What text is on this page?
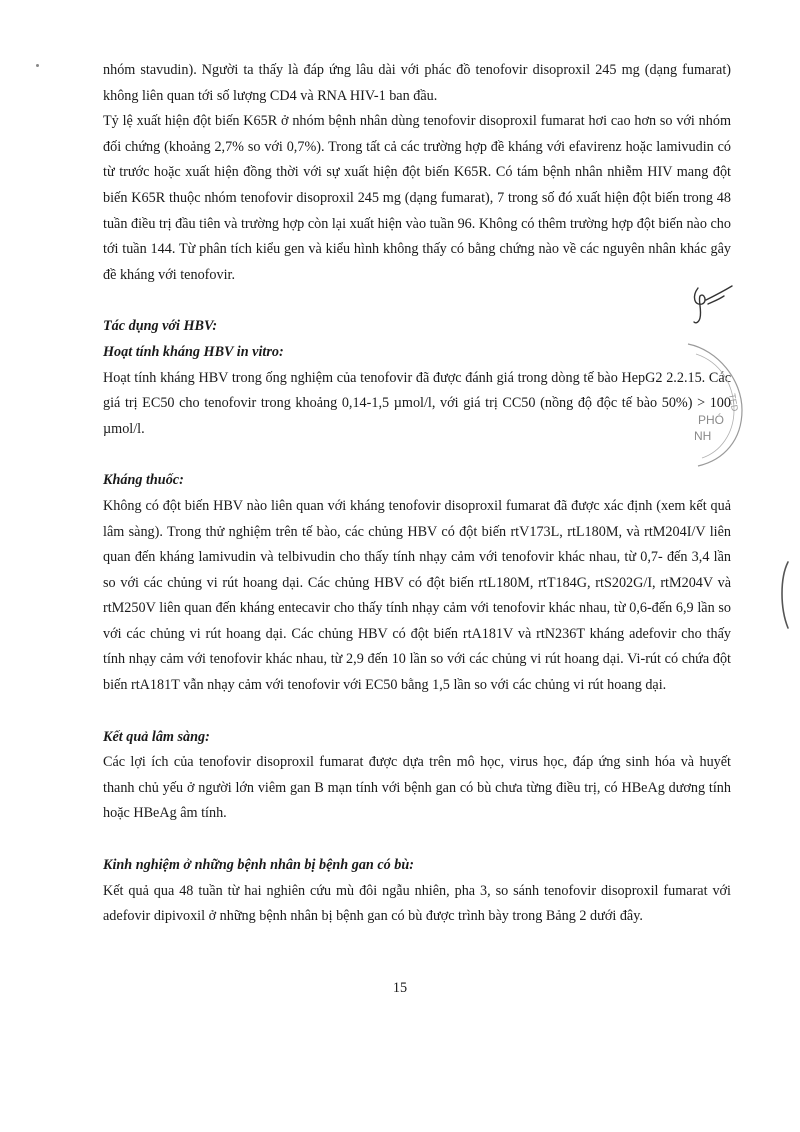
nhóm stavudin). Người ta thấy là đáp ứng lâu dài với phác đồ tenofovir disoproxil 245 mg (dạng fumarat) không liên quan tới số lượng CD4 và RNA HIV-1 ban đầu.

Tỷ lệ xuất hiện đột biến K65R ở nhóm bệnh nhân dùng tenofovir disoproxil fumarat hơi cao hơn so với nhóm đối chứng (khoảng 2,7% so với 0,7%). Trong tất cả các trường hợp đề kháng với efavirenz hoặc lamivudin có từ trước hoặc xuất hiện đồng thời với sự xuất hiện đột biến K65R. Có tám bệnh nhân nhiễm HIV mang đột biến K65R thuộc nhóm tenofovir disoproxil 245 mg (dạng fumarat), 7 trong số đó xuất hiện đột biến trong 48 tuần điều trị đầu tiên và trường hợp còn lại xuất hiện vào tuần 96. Không có thêm trường hợp đột biến nào cho tới tuần 144. Từ phân tích kiểu gen và kiểu hình không thấy có bằng chứng nào về các nguyên nhân khác gây đề kháng với tenofovir.

Tác dụng với HBV:

Hoạt tính kháng HBV in vitro:

Hoạt tính kháng HBV trong ống nghiệm của tenofovir đã được đánh giá trong dòng tế bào HepG2 2.2.15. Các giá trị EC50 cho tenofovir trong khoảng 0,14-1,5 µmol/l, với giá trị CC50 (nồng độ độc tế bào 50%) > 100 µmol/l.

Kháng thuốc:

Không có đột biến HBV nào liên quan với kháng tenofovir disoproxil fumarat đã được xác định (xem kết quả lâm sàng). Trong thử nghiệm trên tế bào, các chủng HBV có đột biến rtV173L, rtL180M, và rtM204I/V liên quan đến kháng lamivudin và telbivudin cho thấy tính nhạy cảm với tenofovir khác nhau, từ 0,7- đến 3,4 lần so với các chủng vi rút hoang dại. Các chủng HBV có đột biến rtL180M, rtT184G, rtS202G/I, rtM204V và rtM250V liên quan đến kháng entecavir cho thấy tính nhạy cảm với tenofovir khác nhau, từ 0,6-đến 6,9 lần so với các chủng vi rút hoang dại. Các chủng HBV có đột biến rtA181V và rtN236T kháng adefovir cho thấy tính nhạy cảm với tenofovir khác nhau, từ 2,9 đến 10 lần so với các chủng vi rút hoang dại. Vi-rút có chứa đột biến rtA181T vẫn nhạy cảm với tenofovir với EC50 bằng 1,5 lần so với các chủng vi rút hoang dại.

Kết quả lâm sàng:

Các lợi ích của tenofovir disoproxil fumarat được dựa trên mô học, virus học, đáp ứng sinh hóa và huyết thanh chủ yếu ở người lớn viêm gan B mạn tính với bệnh gan có bù chưa từng điều trị, có HBeAg dương tính hoặc HBeAg âm tính.

Kinh nghiệm ở những bệnh nhân bị bệnh gan có bù:

Kết quả qua 48 tuần từ hai nghiên cứu mù đôi ngẫu nhiên, pha 3, so sánh tenofovir disoproxil fumarat với adefovir dipivoxil ở những bệnh nhân bị bệnh gan có bù được trình bày trong Bảng 2 dưới đây.

15
TED
PHÓ
NH
